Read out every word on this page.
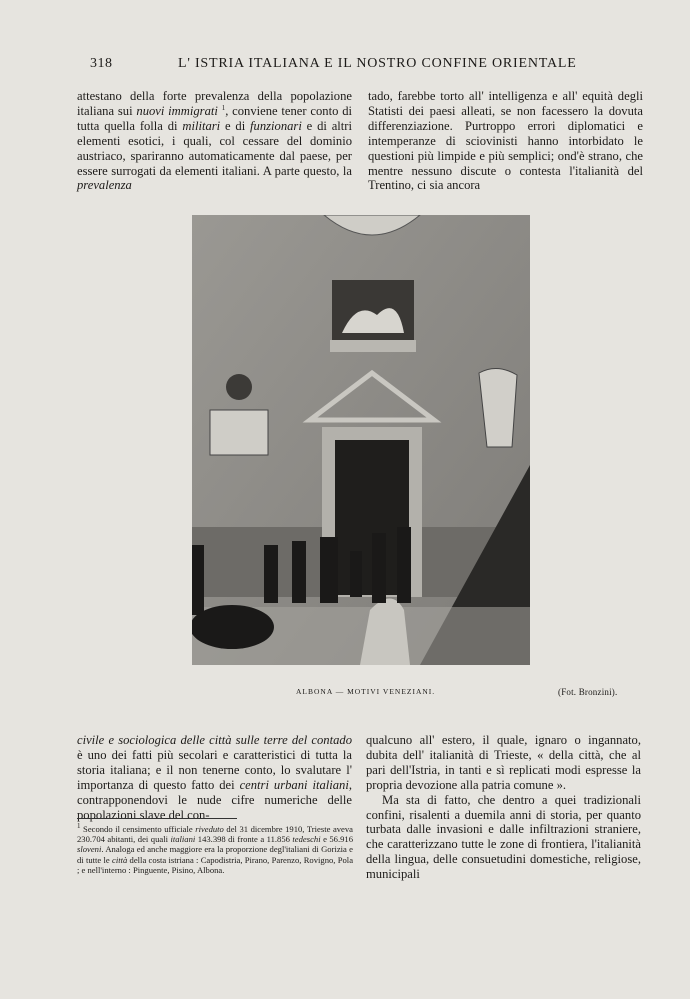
318	L' ISTRIA ITALIANA E IL NOSTRO CONFINE ORIENTALE

attestano della forte prevalenza della popolazione italiana sui nuovi immigrati $^1$, conviene tener conto di tutta quella folla di militari e di funzionari e di altri elementi esotici, i quali, col cessare del dominio austriaco, spariranno automaticamente dal paese, per essere surrogati da elementi italiani. A parte questo, la prevalenza

tado, farebbe torto all' intelligenza e all' equità degli Statisti dei paesi alleati, se non facessero la dovuta differenziazione. Purtroppo errori diplomatici e intemperanze di sciovinisti hanno intorbidato le questioni più limpide e più semplici; ond'è strano, che mentre nessuno discute o contesta l'italianità del Trentino, ci sia ancora

ALBONA — MOTIVI VENEZIANI.	(Fot. Bronzini).

civile e sociologica delle città sulle terre del contado è uno dei fatti più secolari e caratteristici di tutta la storia italiana; e il non tenerne conto, lo svalutare l' importanza di questo fatto dei centri urbani italiani, contrapponendovi le nude cifre numeriche delle popolazioni slave del con-

qualcuno all' estero, il quale, ignaro o ingannato, dubita dell' italianità di Trieste, « della città, che al pari dell'Istria, in tanti e sì replicati modi espresse la propria devozione alla patria comune ».

Ma sta di fatto, che dentro a quei tradizionali confini, risalenti a duemila anni di storia, per quanto turbata dalle invasioni e dalle infiltrazioni straniere, che caratterizzano tutte le zone di frontiera, l'italianità della lingua, delle consuetudini domestiche, religiose, municipali

$^1$ Secondo il censimento ufficiale riveduto del 31 dicembre 1910, Trieste aveva 230.704 abitanti, dei quali italiani 143.398 di fronte a 11.856 tedeschi e 56.916 sloveni. Analoga ed anche maggiore era la proporzione degl'italiani di Gorizia e di tutte le città della costa istriana : Capodistria, Pirano, Parenzo, Rovigno, Pola ; e nell'interno : Pinguente, Pisino, Albona.
